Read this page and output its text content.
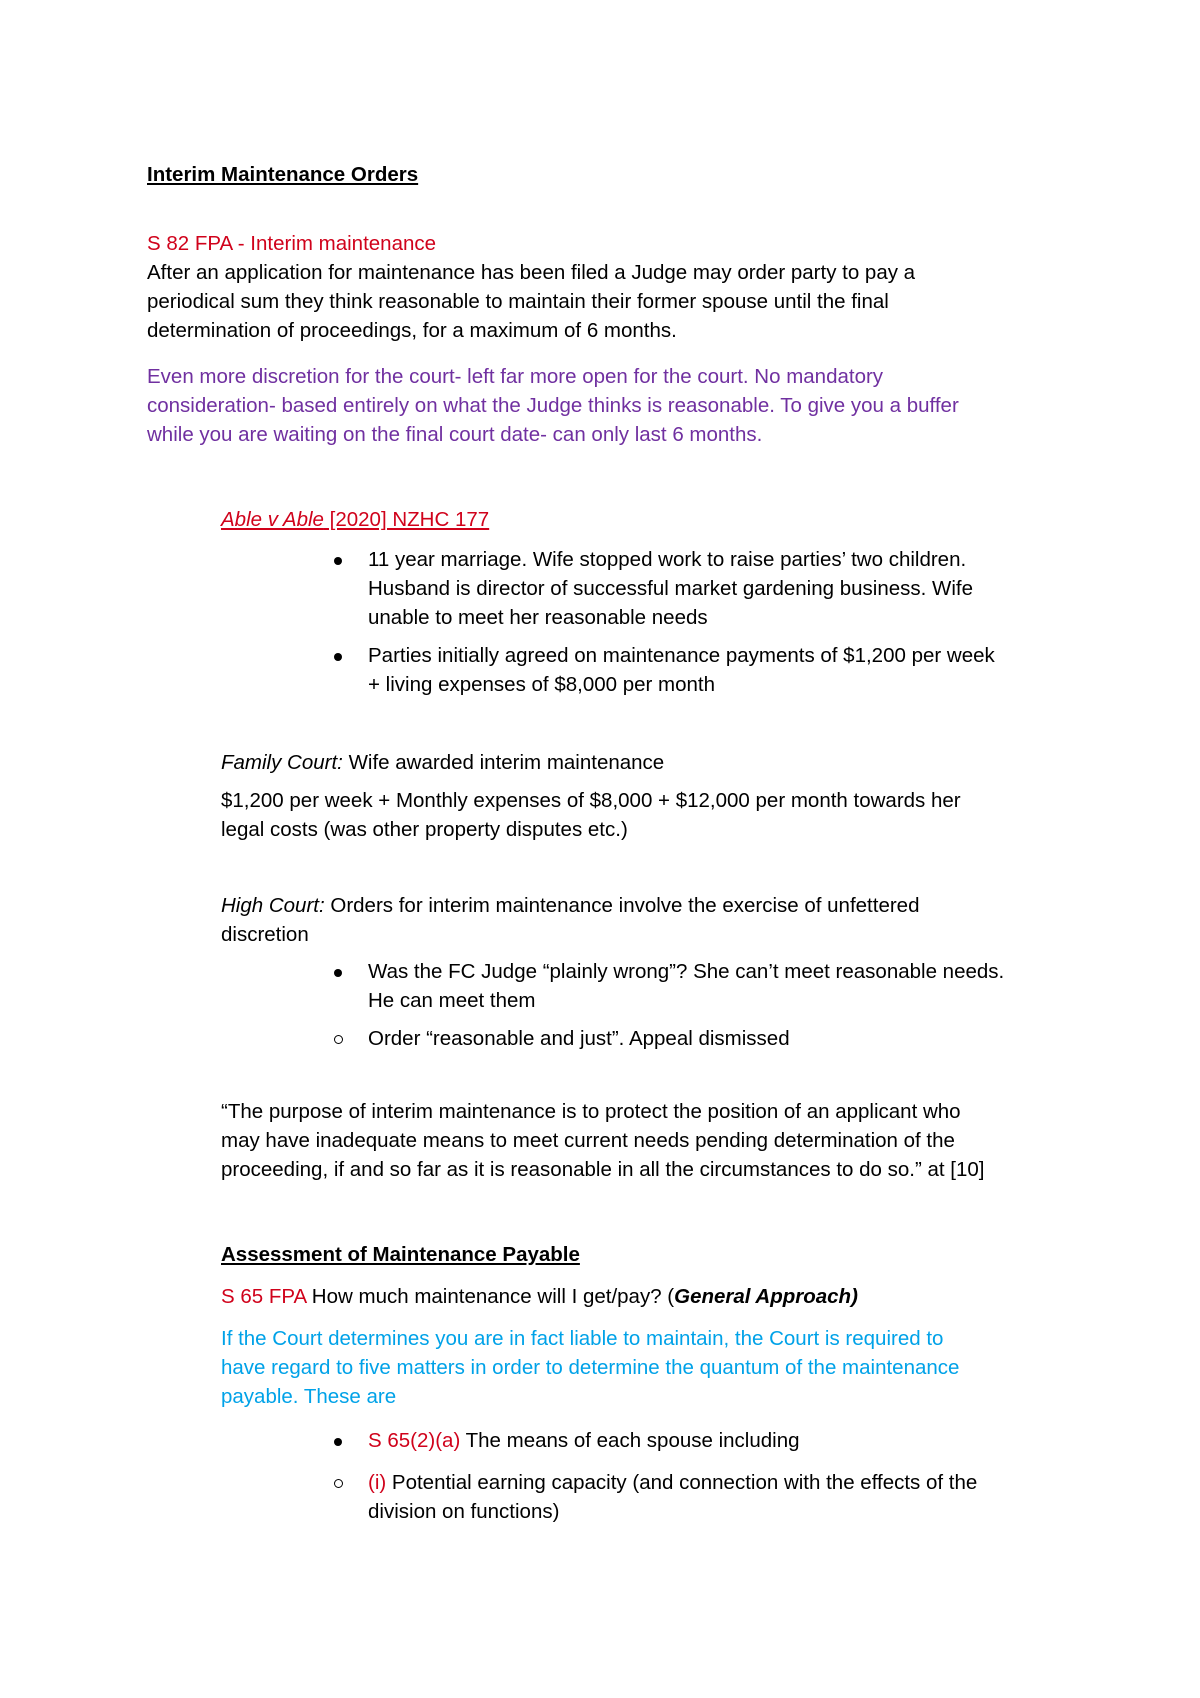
Interim Maintenance Orders
S 82 FPA - Interim maintenance
After an application for maintenance has been filed a Judge may order party to pay a
periodical sum they think reasonable to maintain their former spouse until the final
determination of proceedings, for a maximum of 6 months.
Even more discretion for the court- left far more open for the court. No mandatory
consideration- based entirely on what the Judge thinks is reasonable. To give you a buffer
while you are waiting on the final court date- can only last 6 months.
Able v Able [2020] NZHC 177
11 year marriage. Wife stopped work to raise parties’ two children.
Husband is director of successful market gardening business. Wife
unable to meet her reasonable needs
Parties initially agreed on maintenance payments of $1,200 per week
+ living expenses of $8,000 per month
Family Court: Wife awarded interim maintenance
$1,200 per week + Monthly expenses of $8,000 + $12,000 per month towards her
legal costs (was other property disputes etc.)
High Court: Orders for interim maintenance involve the exercise of unfettered
discretion
Was the FC Judge “plainly wrong”? She can’t meet reasonable needs.
He can meet them
Order “reasonable and just”. Appeal dismissed
“The purpose of interim maintenance is to protect the position of an applicant who
may have inadequate means to meet current needs pending determination of the
proceeding, if and so far as it is reasonable in all the circumstances to do so.” at [10]
Assessment of Maintenance Payable
S 65 FPA How much maintenance will I get/pay? (General Approach)
If the Court determines you are in fact liable to maintain, the Court is required to
have regard to five matters in order to determine the quantum of the maintenance
payable. These are
S 65(2)(a) The means of each spouse including
(i) Potential earning capacity (and connection with the effects of the
division on functions)
